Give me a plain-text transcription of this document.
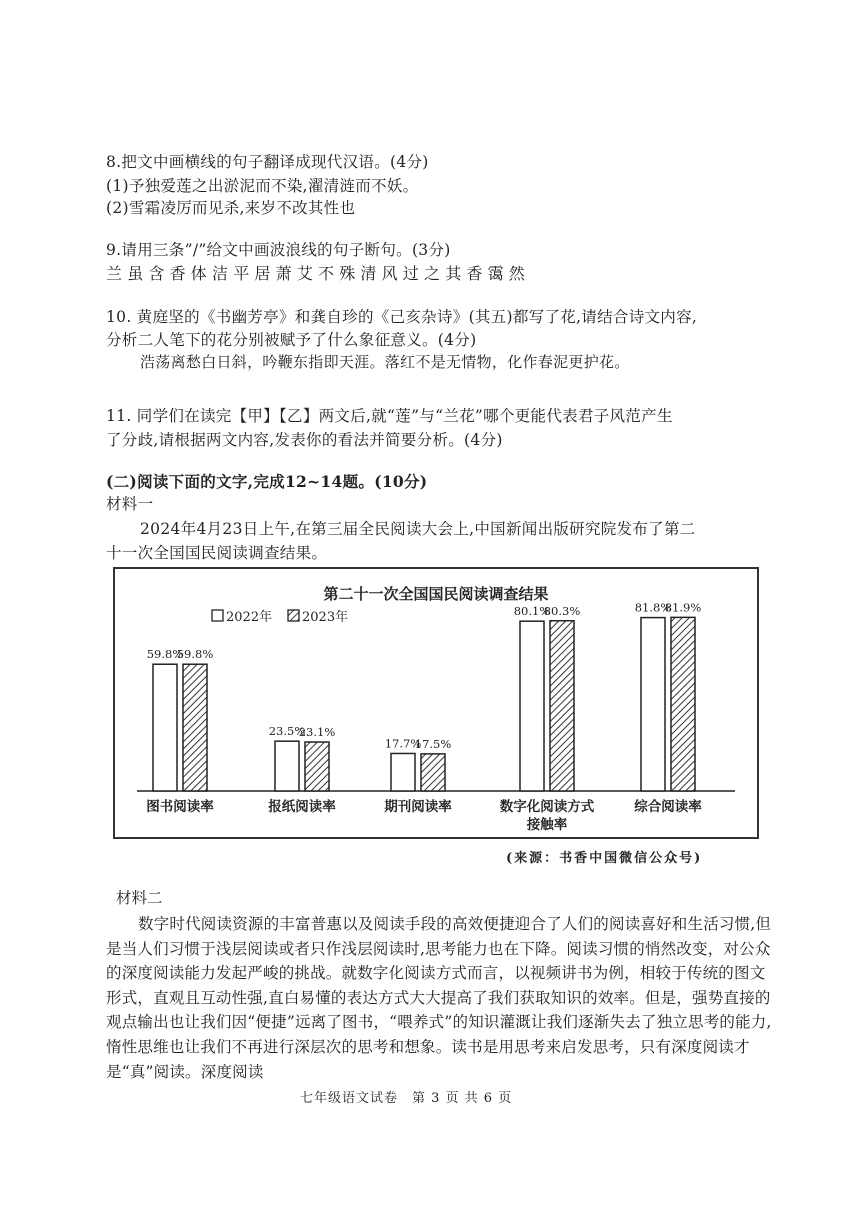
8.把文中画横线的句子翻译成现代汉语。(4分)
(1)予独爱莲之出淤泥而不染,濯清涟而不妖。
(2)雪霜凌厉而见杀,来岁不改其性也
9.请用三条”/”给文中画波浪线的句子断句。(3分)
兰虽含香体洁平居萧艾不殊清风过之其香霭然
10. 黄庭坚的《书幽芳亭》和龚自珍的《己亥杂诗》(其五)都写了花,请结合诗文内容,
分析二人笔下的花分别被赋予了什么象征意义。(4分)
浩荡离愁白日斜，吟鞭东指即天涯。落红不是无情物，化作春泥更护花。
11. 同学们在读完【甲】【乙】两文后,就“莲”与“兰花”哪个更能代表君子风范产生
了分歧,请根据两文内容,发表你的看法并简要分析。(4分)
(二)阅读下面的文字,完成12~14题。(10分)
材料一
2024年4月23日上午,在第三届全民阅读大会上,中国新闻出版研究院发布了第二
十一次全国国民阅读调查结果。
第二十一次全国国民阅读调查结果
2022年 2023年
59.8%
59.8%
图书阅读率
23.5%
23.1%
报纸阅读率
17.7%
17.5%
期刊阅读率
80.1%
80.3%
数字化阅读方式
接触率
81.8%
81.9%
综合阅读率
(来源：书香中国微信公众号)
材料二

数字时代阅读资源的丰富普惠以及阅读手段的高效便捷迎合了人们的阅读喜好和生活习惯,但是当人们习惯于浅层阅读或者只作浅层阅读时,思考能力也在下降。阅读习惯的悄然改变，对公众的深度阅读能力发起严峻的挑战。就数字化阅读方式而言，以视频讲书为例，相较于传统的图文形式，直观且互动性强,直白易懂的表达方式大大提高了我们获取知识的效率。但是，强势直接的观点输出也让我们因“便捷”远离了图书，“喂养式”的知识灌溉让我们逐渐失去了独立思考的能力,惰性思维也让我们不再进行深层次的思考和想象。读书是用思考来启发思考，只有深度阅读才是“真”阅读。深度阅读

七年级语文试卷　第 3 页 共 6 页
